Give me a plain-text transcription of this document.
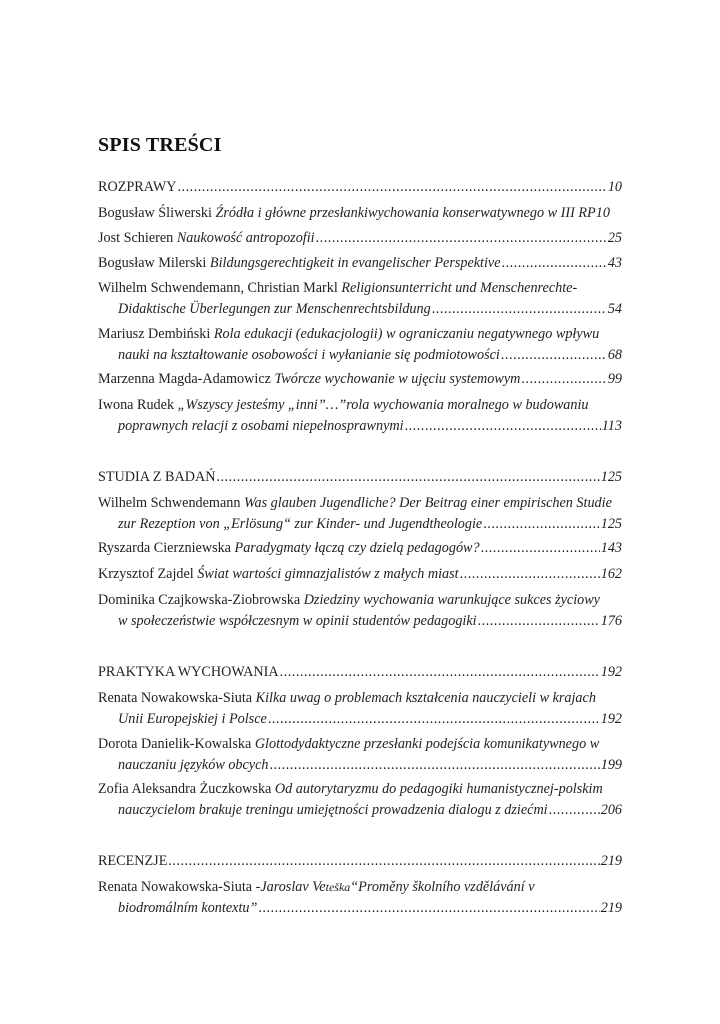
SPIS TREŚCI
ROZPRAWY .....	10
Bogusław Śliwerski
Źródła i główne przesłankiwychowania konserwatywnego w III RP 10
Jost Schieren
Naukowość antropozofii .....	25
Bogusław Milerski
Bildungsgerechtigkeit in evangelischer Perspektive .....	43
Wilhelm Schwendemann, Christian Markl
Religionsunterricht und Menschenrechte-
Didaktische Überlegungen zur Menschenrechtsbildung .....	54
Mariusz Dembiński
Rola edukacji (edukacjologii) w ograniczaniu negatywnego wpływu
nauki na kształtowanie osobowości i wyłanianie się podmiotowości .....	68
Marzenna Magda-Adamowicz
Twórcze wychowanie w ujęciu systemowym .....	99
Iwona Rudek
„Wszyscy jesteśmy „inni”…”rola wychowania moralnego w budowaniu
poprawnych relacji z osobami niepełnosprawnymi .....	113
STUDIA Z BADAŃ .....	125
Wilhelm Schwendemann
Was glauben Jugendliche? Der Beitrag einer empirischen Studie
zur Rezeption von „Erlösung“ zur Kinder- und Jugendtheologie .....	125
Ryszarda Cierzniewska
Paradygmaty łączą czy dzielą pedagogów? .....	143
Krzysztof Zajdel
Świat wartości gimnazjalistów z małych miast .....	162
Dominika Czajkowska-Ziobrowska
Dziedziny wychowania warunkujące sukces życiowy
w społeczeństwie współczesnym w opinii studentów pedagogiki .....	176
PRAKTYKA WYCHOWANIA .....	192
Renata Nowakowska-Siuta
Kilka uwag o problemach kształcenia nauczycieli w krajach
Unii Europejskiej i Polsce .....	192
Dorota Danielik-Kowalska
Glottodydaktyczne przesłanki podejścia komunikatywnego w
nauczaniu języków obcych .....	199
Zofia Aleksandra Żuczkowska
Od autorytaryzmu do pedagogiki humanistycznej-polskim
nauczycielom brakuje treningu umiejętności prowadzenia dialogu z dziećmi .....	206
RECENZJE .....	219
Renata Nowakowska-Siuta - Jaroslav Ve teška “Proměny školního vzdělávání v
biodromálním kontextu” .....	219
